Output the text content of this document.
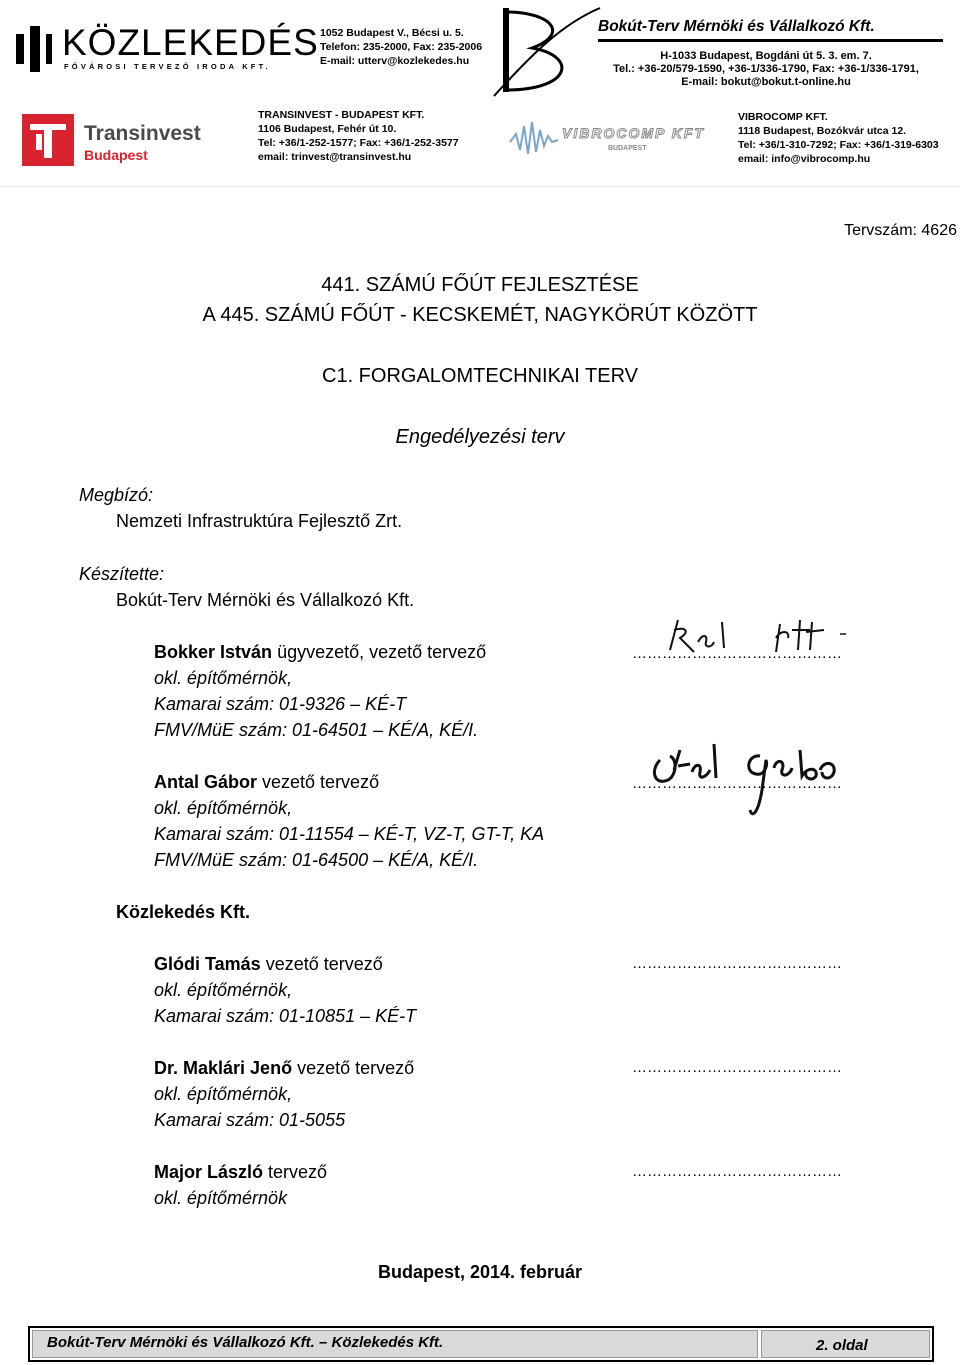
KÖZLEKEDÉS
FŐVÁROSI TERVEZŐ IRODA KFT.
1052 Budapest V., Bécsi u. 5.
Telefon: 235-2000, Fax: 235-2006
E-mail: utterv@kozlekedes.hu
Bokút-Terv Mérnöki és Vállalkozó Kft.
H-1033 Budapest, Bogdáni út 5. 3. em. 7.
Tel.: +36-20/579-1590, +36-1/336-1790, Fax: +36-1/336-1791,
E-mail: bokut@bokut.t-online.hu
Transinvest
Budapest
TRANSINVEST - BUDAPEST KFT.
1106 Budapest, Fehér út 10.
Tel: +36/1-252-1577; Fax: +36/1-252-3577
email: trinvest@transinvest.hu
VIBROCOMP KFT
BUDAPEST
VIBROCOMP KFT.
1118 Budapest, Bozókvár utca 12.
Tel: +36/1-310-7292; Fax: +36/1-319-6303
email: info@vibrocomp.hu
Tervszám: 4626
441. SZÁMÚ FŐÚT FEJLESZTÉSE
A 445. SZÁMÚ FŐÚT - KECSKEMÉT, NAGYKÖRÚT KÖZÖTT
C1. FORGALOMTECHNIKAI TERV
Engedélyezési terv
Megbízó:
Nemzeti Infrastruktúra Fejlesztő Zrt.
Készítette:
Bokút-Terv Mérnöki és Vállalkozó Kft.
Bokker István ügyvezető, vezető tervező
okl. építőmérnök,
Kamarai szám: 01-9326 – KÉ-T
FMV/MüE szám: 01-64501 – KÉ/A, KÉ/I.
……………………………………
Antal Gábor vezető tervező
okl. építőmérnök,
Kamarai szám: 01-11554 – KÉ-T, VZ-T, GT-T, KA
FMV/MüE szám: 01-64500 – KÉ/A, KÉ/I.
……………………………………
Közlekedés Kft.
Glódi Tamás vezető tervező
okl. építőmérnök,
Kamarai szám: 01-10851 – KÉ-T
……………………………………
Dr. Maklári Jenő vezető tervező
okl. építőmérnök,
Kamarai szám: 01-5055
……………………………………
Major László tervező
okl. építőmérnök
……………………………………
Budapest, 2014. február
Bokút-Terv Mérnöki és Vállalkozó Kft. – Közlekedés Kft.	2. oldal
